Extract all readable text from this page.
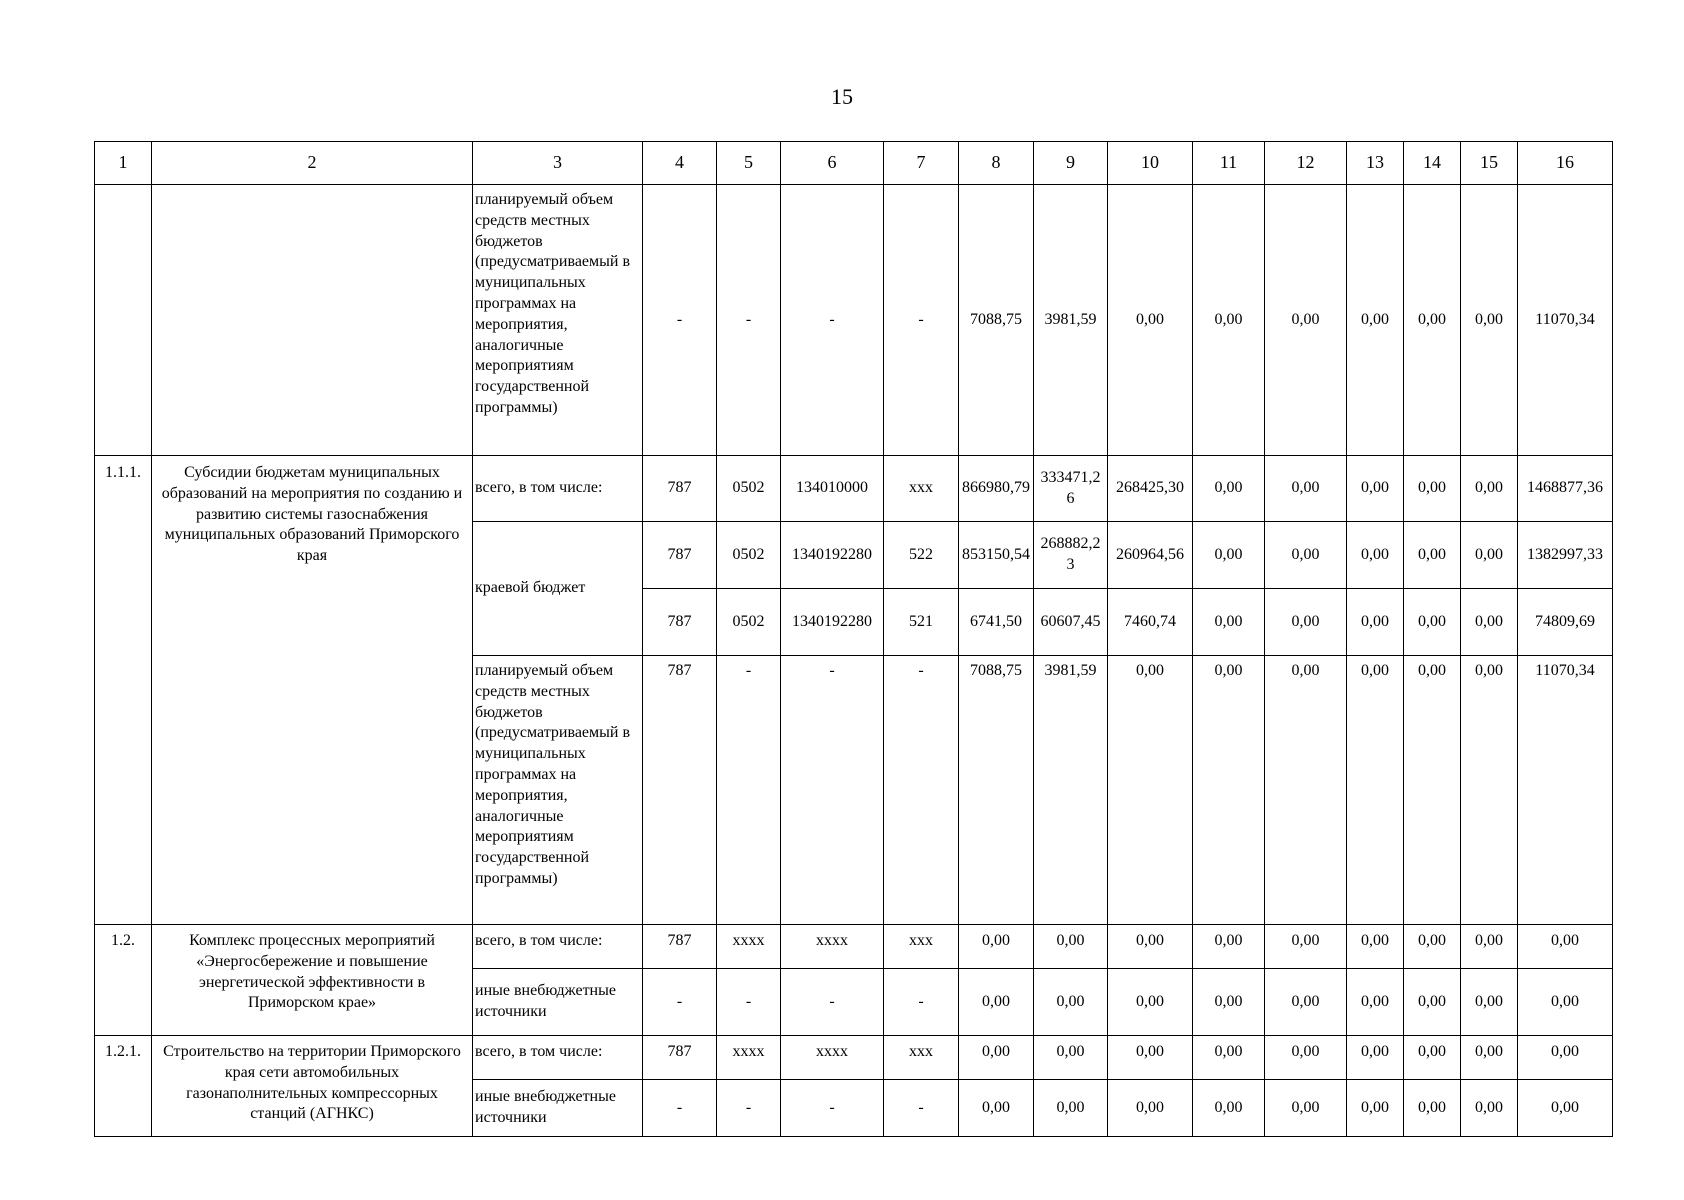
15
1	2	3	4	5	6	7	8	9	10	11	12	13	14	15	16
		планируемый объем средств местных бюджетов (предусматриваемый в муниципальных программах на мероприятия, аналогичные мероприятиям государственной программы)	-	-	-	-	7088,75	3981,59	0,00	0,00	0,00	0,00	0,00	0,00	11070,34
1.1.1.	Субсидии бюджетам муниципальных образований на мероприятия по созданию и развитию системы газоснабжения муниципальных образований Приморского края	всего, в том числе:	787	0502	134010000	xxx	866980,79	333471,26	268425,30	0,00	0,00	0,00	0,00	0,00	1468877,36
		краевой бюджет	787	0502	1340192280	522	853150,54	268882,23	260964,56	0,00	0,00	0,00	0,00	0,00	1382997,33
			787	0502	1340192280	521	6741,50	60607,45	7460,74	0,00	0,00	0,00	0,00	0,00	74809,69
		планируемый объем средств местных бюджетов (предусматриваемый в муниципальных программах на мероприятия, аналогичные мероприятиям государственной программы)	787	-	-	-	7088,75	3981,59	0,00	0,00	0,00	0,00	0,00	0,00	11070,34
1.2.	Комплекс процессных мероприятий «Энергосбережение и повышение энергетической эффективности в Приморском крае»	всего, в том числе:	787	xxxx	xxxx	xxx	0,00	0,00	0,00	0,00	0,00	0,00	0,00	0,00	0,00
		иные внебюджетные источники	-	-	-	-	0,00	0,00	0,00	0,00	0,00	0,00	0,00	0,00	0,00
1.2.1.	Строительство на территории Приморского края сети автомобильных газонаполнительных компрессорных станций (АГНКС)	всего, в том числе:	787	xxxx	xxxx	xxx	0,00	0,00	0,00	0,00	0,00	0,00	0,00	0,00	0,00
		иные внебюджетные источники	-	-	-	-	0,00	0,00	0,00	0,00	0,00	0,00	0,00	0,00	0,00
